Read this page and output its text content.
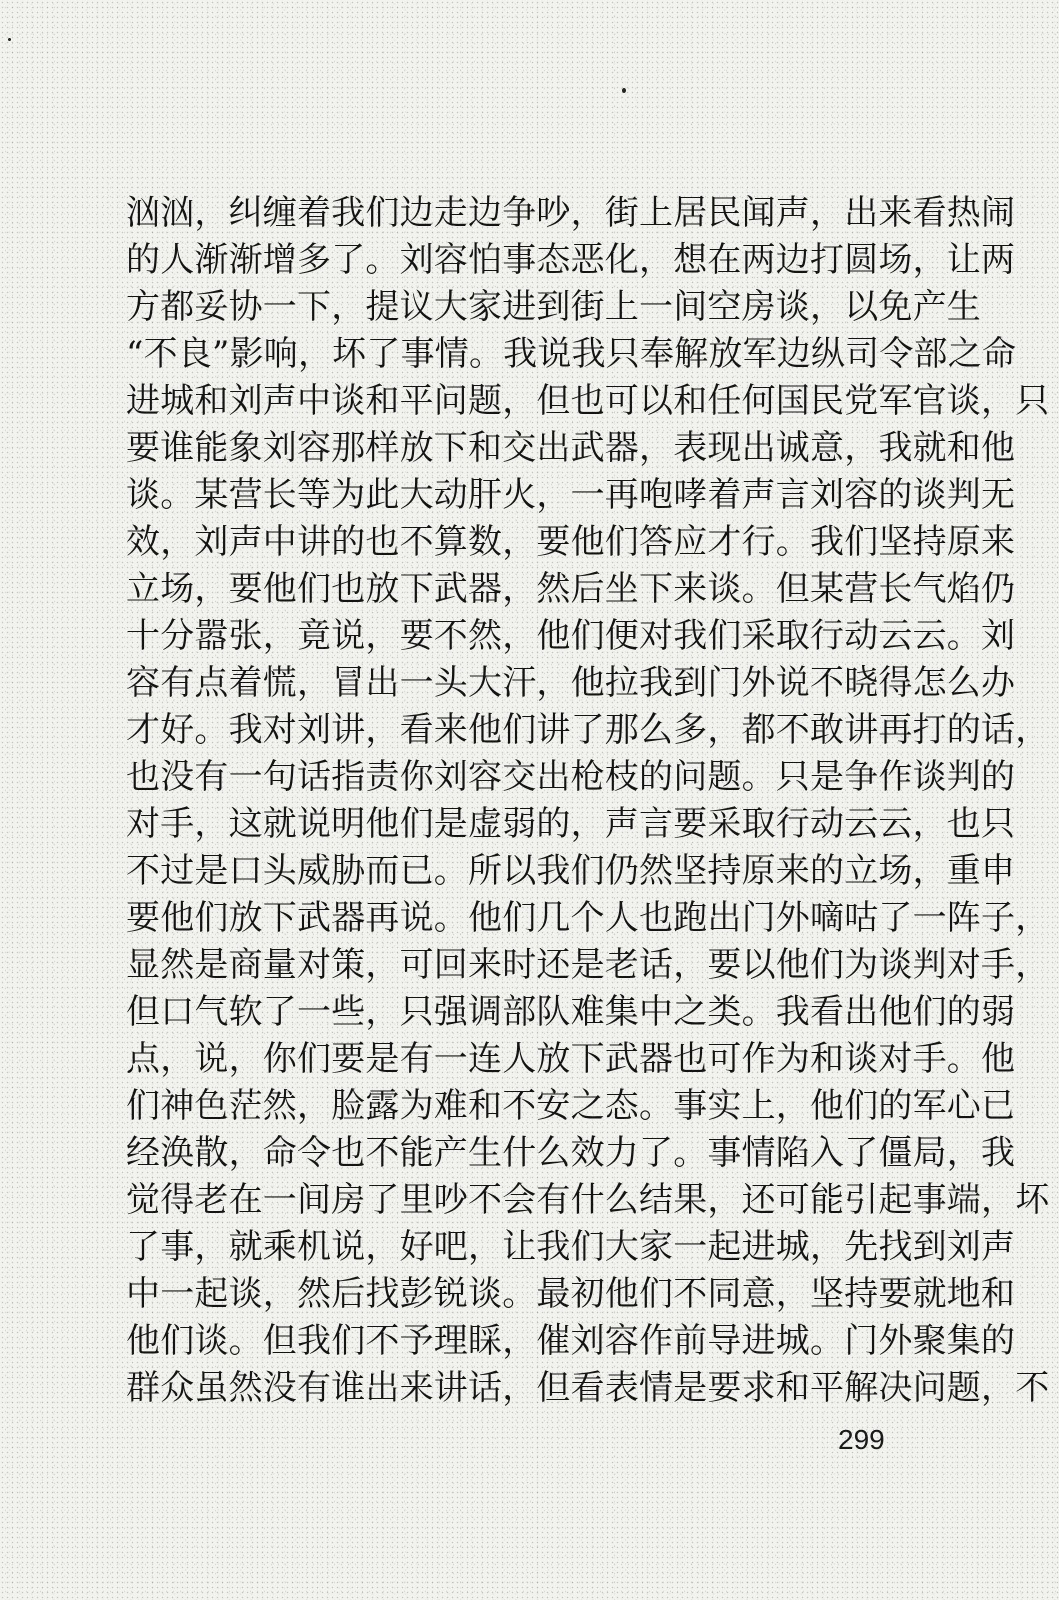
汹汹，纠缠着我们边走边争吵，街上居民闻声，出来看热闹
的人渐渐增多了。刘容怕事态恶化，想在两边打圆场，让两
方都妥协一下，提议大家进到街上一间空房谈，以免产生
“不良”影响，坏了事情。我说我只奉解放军边纵司令部之命
进城和刘声中谈和平问题，但也可以和任何国民党军官谈，只
要谁能象刘容那样放下和交出武器，表现出诚意，我就和他
谈。某营长等为此大动肝火，一再咆哮着声言刘容的谈判无
效，刘声中讲的也不算数，要他们答应才行。我们坚持原来
立场，要他们也放下武器，然后坐下来谈。但某营长气焰仍
十分嚣张，竟说，要不然，他们便对我们采取行动云云。刘
容有点着慌，冒出一头大汗，他拉我到门外说不晓得怎么办
才好。我对刘讲，看来他们讲了那么多，都不敢讲再打的话，
也没有一句话指责你刘容交出枪枝的问题。只是争作谈判的
对手，这就说明他们是虚弱的，声言要采取行动云云，也只
不过是口头威胁而已。所以我们仍然坚持原来的立场，重申
要他们放下武器再说。他们几个人也跑出门外嘀咕了一阵子，
显然是商量对策，可回来时还是老话，要以他们为谈判对手，
但口气软了一些，只强调部队难集中之类。我看出他们的弱
点，说，你们要是有一连人放下武器也可作为和谈对手。他
们神色茫然，脸露为难和不安之态。事实上，他们的军心已
经涣散，命令也不能产生什么效力了。事情陷入了僵局，我
觉得老在一间房了里吵不会有什么结果，还可能引起事端，坏
了事，就乘机说，好吧，让我们大家一起进城，先找到刘声
中一起谈，然后找彭锐谈。最初他们不同意，坚持要就地和
他们谈。但我们不予理睬，催刘容作前导进城。门外聚集的
群众虽然没有谁出来讲话，但看表情是要求和平解决问题，不
299
